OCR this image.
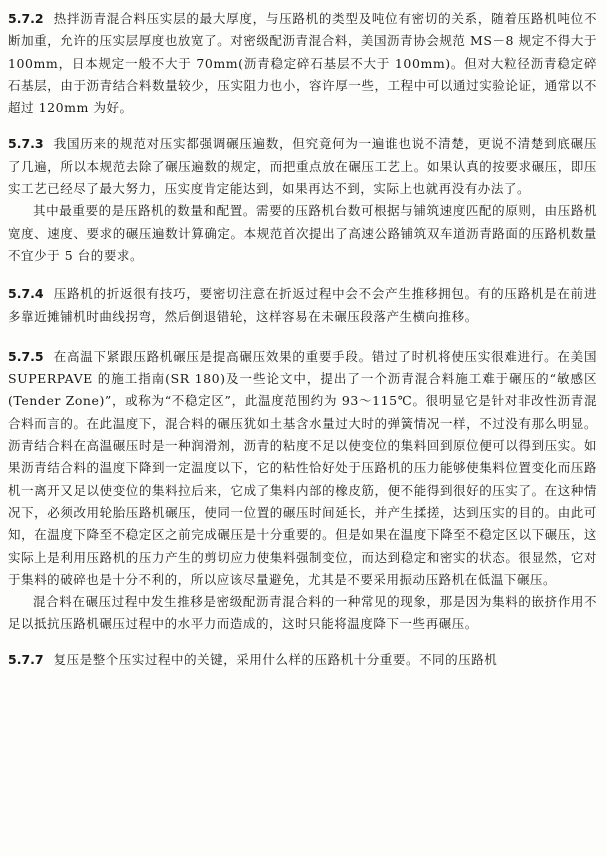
5.7.2 热拌沥青混合料压实层的最大厚度，与压路机的类型及吨位有密切的关系，随着压路机吨位不断加重，允许的压实层厚度也放宽了。对密级配沥青混合料，美国沥青协会规范 MS－8 规定不得大于 100mm，日本规定一般不大于 70mm(沥青稳定碎石基层不大于 100mm)。但对大粒径沥青稳定碎石基层，由于沥青结合料数量较少，压实阻力也小，容许厚一些，工程中可以通过实验论证，通常以不超过 120mm 为好。

5.7.3 我国历来的规范对压实都强调碾压遍数，但究竟何为一遍谁也说不清楚，更说不清楚到底碾压了几遍，所以本规范去除了碾压遍数的规定，而把重点放在碾压工艺上。如果认真的按要求碾压，即压实工艺已经尽了最大努力，压实度肯定能达到，如果再达不到，实际上也就再没有办法了。

其中最重要的是压路机的数量和配置。需要的压路机台数可根据与铺筑速度匹配的原则，由压路机宽度、速度、要求的碾压遍数计算确定。本规范首次提出了高速公路铺筑双车道沥青路面的压路机数量不宜少于 5 台的要求。

5.7.4 压路机的折返很有技巧，要密切注意在折返过程中会不会产生推移拥包。有的压路机是在前进多靠近摊铺机时曲线拐弯，然后倒退错轮，这样容易在未碾压段落产生横向推移。

5.7.5 在高温下紧跟压路机碾压是提高碾压效果的重要手段。错过了时机将使压实很难进行。在美国 SUPERPAVE 的施工指南(SR 180)及一些论文中，提出了一个沥青混合料施工难于碾压的“敏感区(Tender Zone)”，或称为“不稳定区”，此温度范围约为 93～115℃。很明显它是针对非改性沥青混合料而言的。在此温度下，混合料的碾压犹如土基含水量过大时的弹簧情况一样，不过没有那么明显。沥青结合料在高温碾压时是一种润滑剂，沥青的粘度不足以使变位的集料回到原位便可以得到压实。如果沥青结合料的温度下降到一定温度以下，它的粘性恰好处于压路机的压力能够使集料位置变化而压路机一离开又足以使变位的集料拉后来，它成了集料内部的橡皮筋，便不能得到很好的压实了。在这种情况下，必须改用轮胎压路机碾压，使同一位置的碾压时间延长，并产生揉搓，达到压实的目的。由此可知，在温度下降至不稳定区之前完成碾压是十分重要的。但是如果在温度下降至不稳定区以下碾压，这实际上是利用压路机的压力产生的剪切应力使集料强制变位，而达到稳定和密实的状态。很显然，它对于集料的破碎也是十分不利的，所以应该尽量避免，尤其是不要采用振动压路机在低温下碾压。

混合料在碾压过程中发生推移是密级配沥青混合料的一种常见的现象，那是因为集料的嵌挤作用不足以抵抗压路机碾压过程中的水平力而造成的，这时只能将温度降下一些再碾压。

5.7.7 复压是整个压实过程中的关键，采用什么样的压路机十分重要。不同的压路机
